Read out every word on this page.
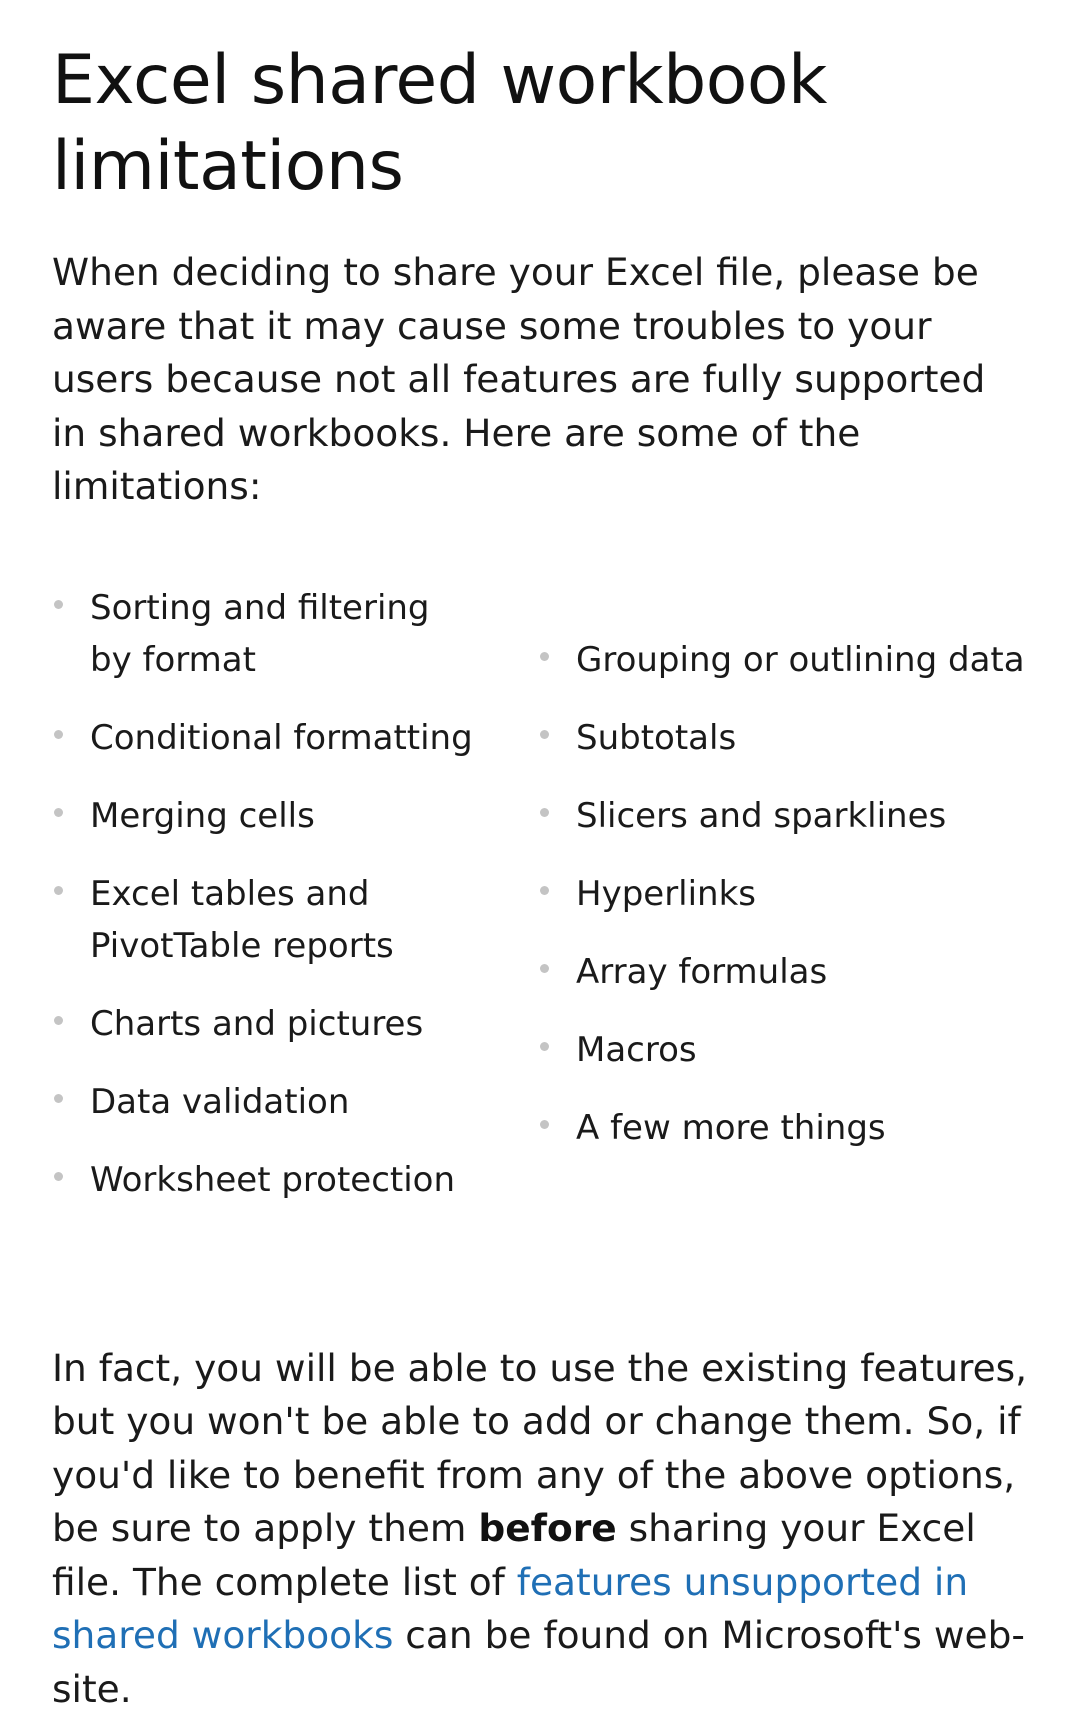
Excel shared workbook limitations

When deciding to share your Excel file, please be aware that it may cause some troubles to your users because not all features are fully supported in shared workbooks. Here are some of the limitations:

Sorting and filtering by format
Conditional formatting
Merging cells
Excel tables and PivotTable reports
Charts and pictures
Data validation
Worksheet protection
Grouping or outlining data
Subtotals
Slicers and sparklines
Hyperlinks
Array formulas
Macros
A few more things

In fact, you will be able to use the existing features, but you won't be able to add or change them. So, if you'd like to benefit from any of the above options, be sure to apply them before sharing your Excel file. The complete list of features unsupported in shared workbooks can be found on Microsoft's web-site.
